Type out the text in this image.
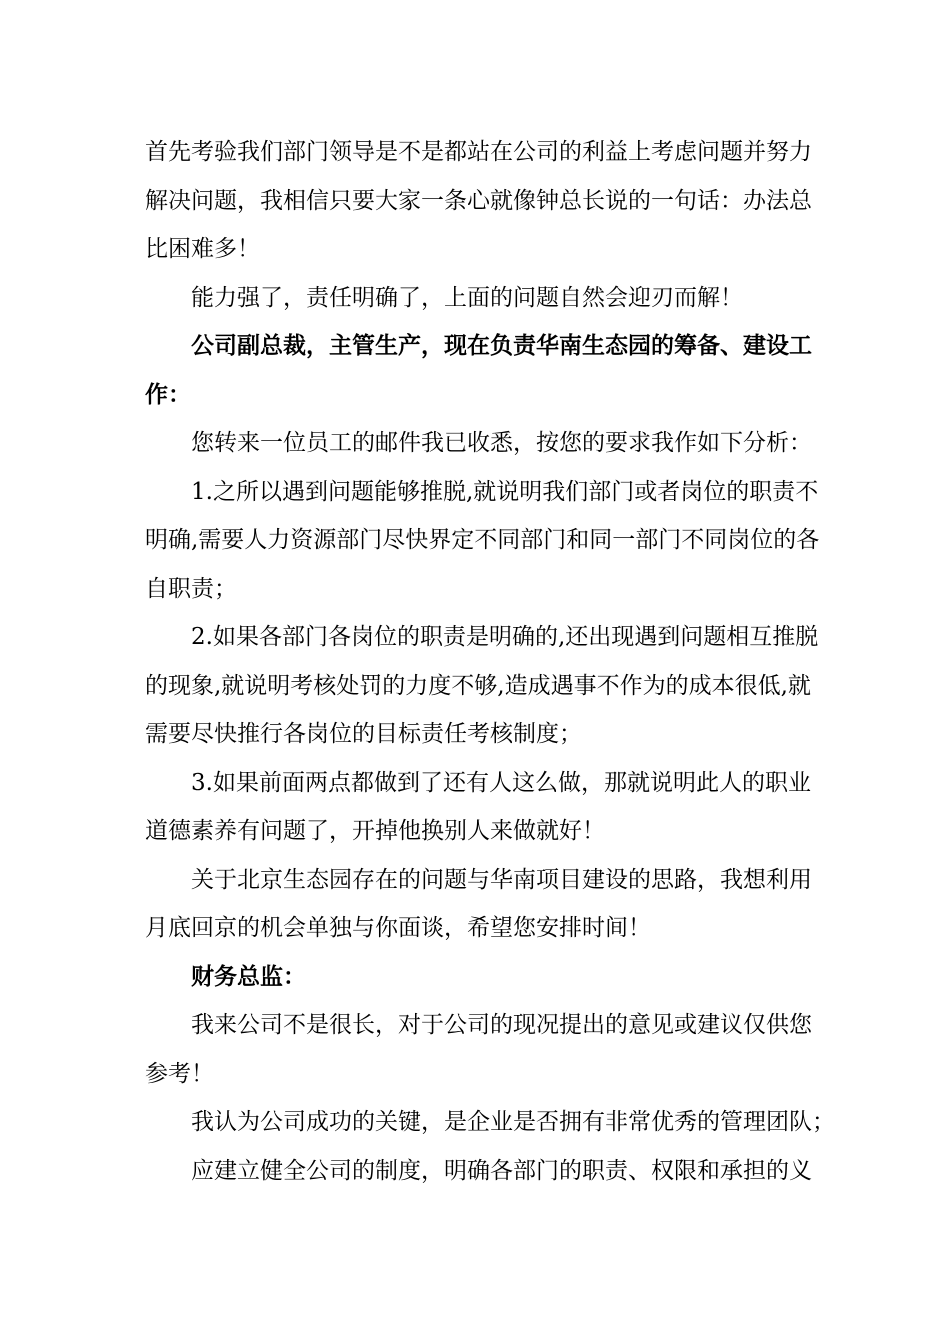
首先考验我们部门领导是不是都站在公司的利益上考虑问题并努力
解决问题，我相信只要大家一条心就像钟总长说的一句话：办法总
比困难多！
能力强了，责任明确了，上面的问题自然会迎刃而解！
公司副总裁，主管生产，现在负责华南生态园的筹备、建设工
作：
您转来一位员工的邮件我已收悉，按您的要求我作如下分析：
1.之所以遇到问题能够推脱,就说明我们部门或者岗位的职责不
明确,需要人力资源部门尽快界定不同部门和同一部门不同岗位的各
自职责；
2.如果各部门各岗位的职责是明确的,还出现遇到问题相互推脱
的现象,就说明考核处罚的力度不够,造成遇事不作为的成本很低,就
需要尽快推行各岗位的目标责任考核制度；
3.如果前面两点都做到了还有人这么做，那就说明此人的职业
道德素养有问题了，开掉他换别人来做就好！
关于北京生态园存在的问题与华南项目建设的思路，我想利用
月底回京的机会单独与你面谈，希望您安排时间！
财务总监：
我来公司不是很长，对于公司的现况提出的意见或建议仅供您
参考！
我认为公司成功的关键，是企业是否拥有非常优秀的管理团队；
应建立健全公司的制度，明确各部门的职责、权限和承担的义
